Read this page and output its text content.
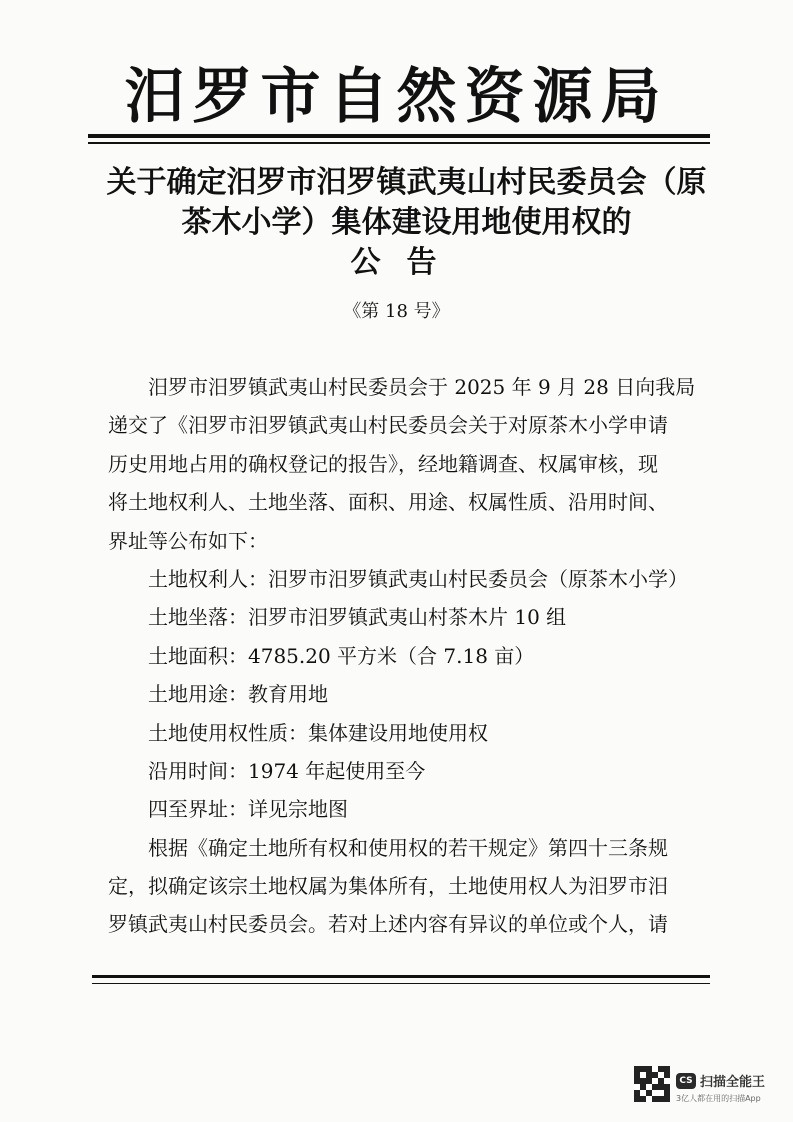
汨罗市自然资源局
关于确定汨罗市汨罗镇武夷山村民委员会（原
茶木小学）集体建设用地使用权的
公告
《第 18 号》
汨罗市汨罗镇武夷山村民委员会于 2025 年 9 月 28 日向我局
递交了《汨罗市汨罗镇武夷山村民委员会关于对原茶木小学申请
历史用地占用的确权登记的报告》，经地籍调查、权属审核，现
将土地权利人、土地坐落、面积、用途、权属性质、沿用时间、
界址等公布如下：
土地权利人：汨罗市汨罗镇武夷山村民委员会（原茶木小学）
土地坐落：汨罗市汨罗镇武夷山村茶木片 10 组
土地面积：4785.20 平方米（合 7.18 亩）
土地用途：教育用地
土地使用权性质：集体建设用地使用权
沿用时间：1974 年起使用至今
四至界址：详见宗地图
根据《确定土地所有权和使用权的若干规定》第四十三条规
定，拟确定该宗土地权属为集体所有，土地使用权人为汨罗市汨
罗镇武夷山村民委员会。若对上述内容有异议的单位或个人，请
CS 扫描全能王
3亿人都在用的扫描App
